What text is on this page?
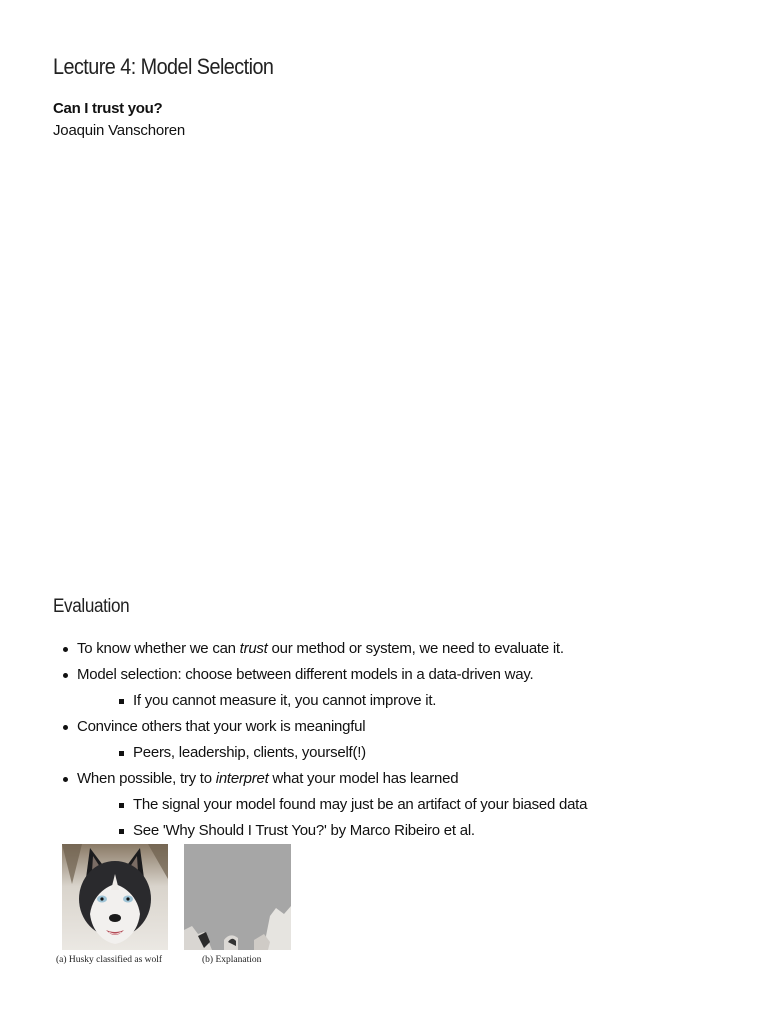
Lecture 4: Model Selection
Can I trust you?
Joaquin Vanschoren
Evaluation
To know whether we can trust our method or system, we need to evaluate it.
Model selection: choose between different models in a data-driven way.
If you cannot measure it, you cannot improve it.
Convince others that your work is meaningful
Peers, leadership, clients, yourself(!)
When possible, try to interpret what your model has learned
The signal your model found may just be an artifact of your biased data
See 'Why Should I Trust You?' by Marco Ribeiro et al.
(a) Husky classified as wolf	(b) Explanation
